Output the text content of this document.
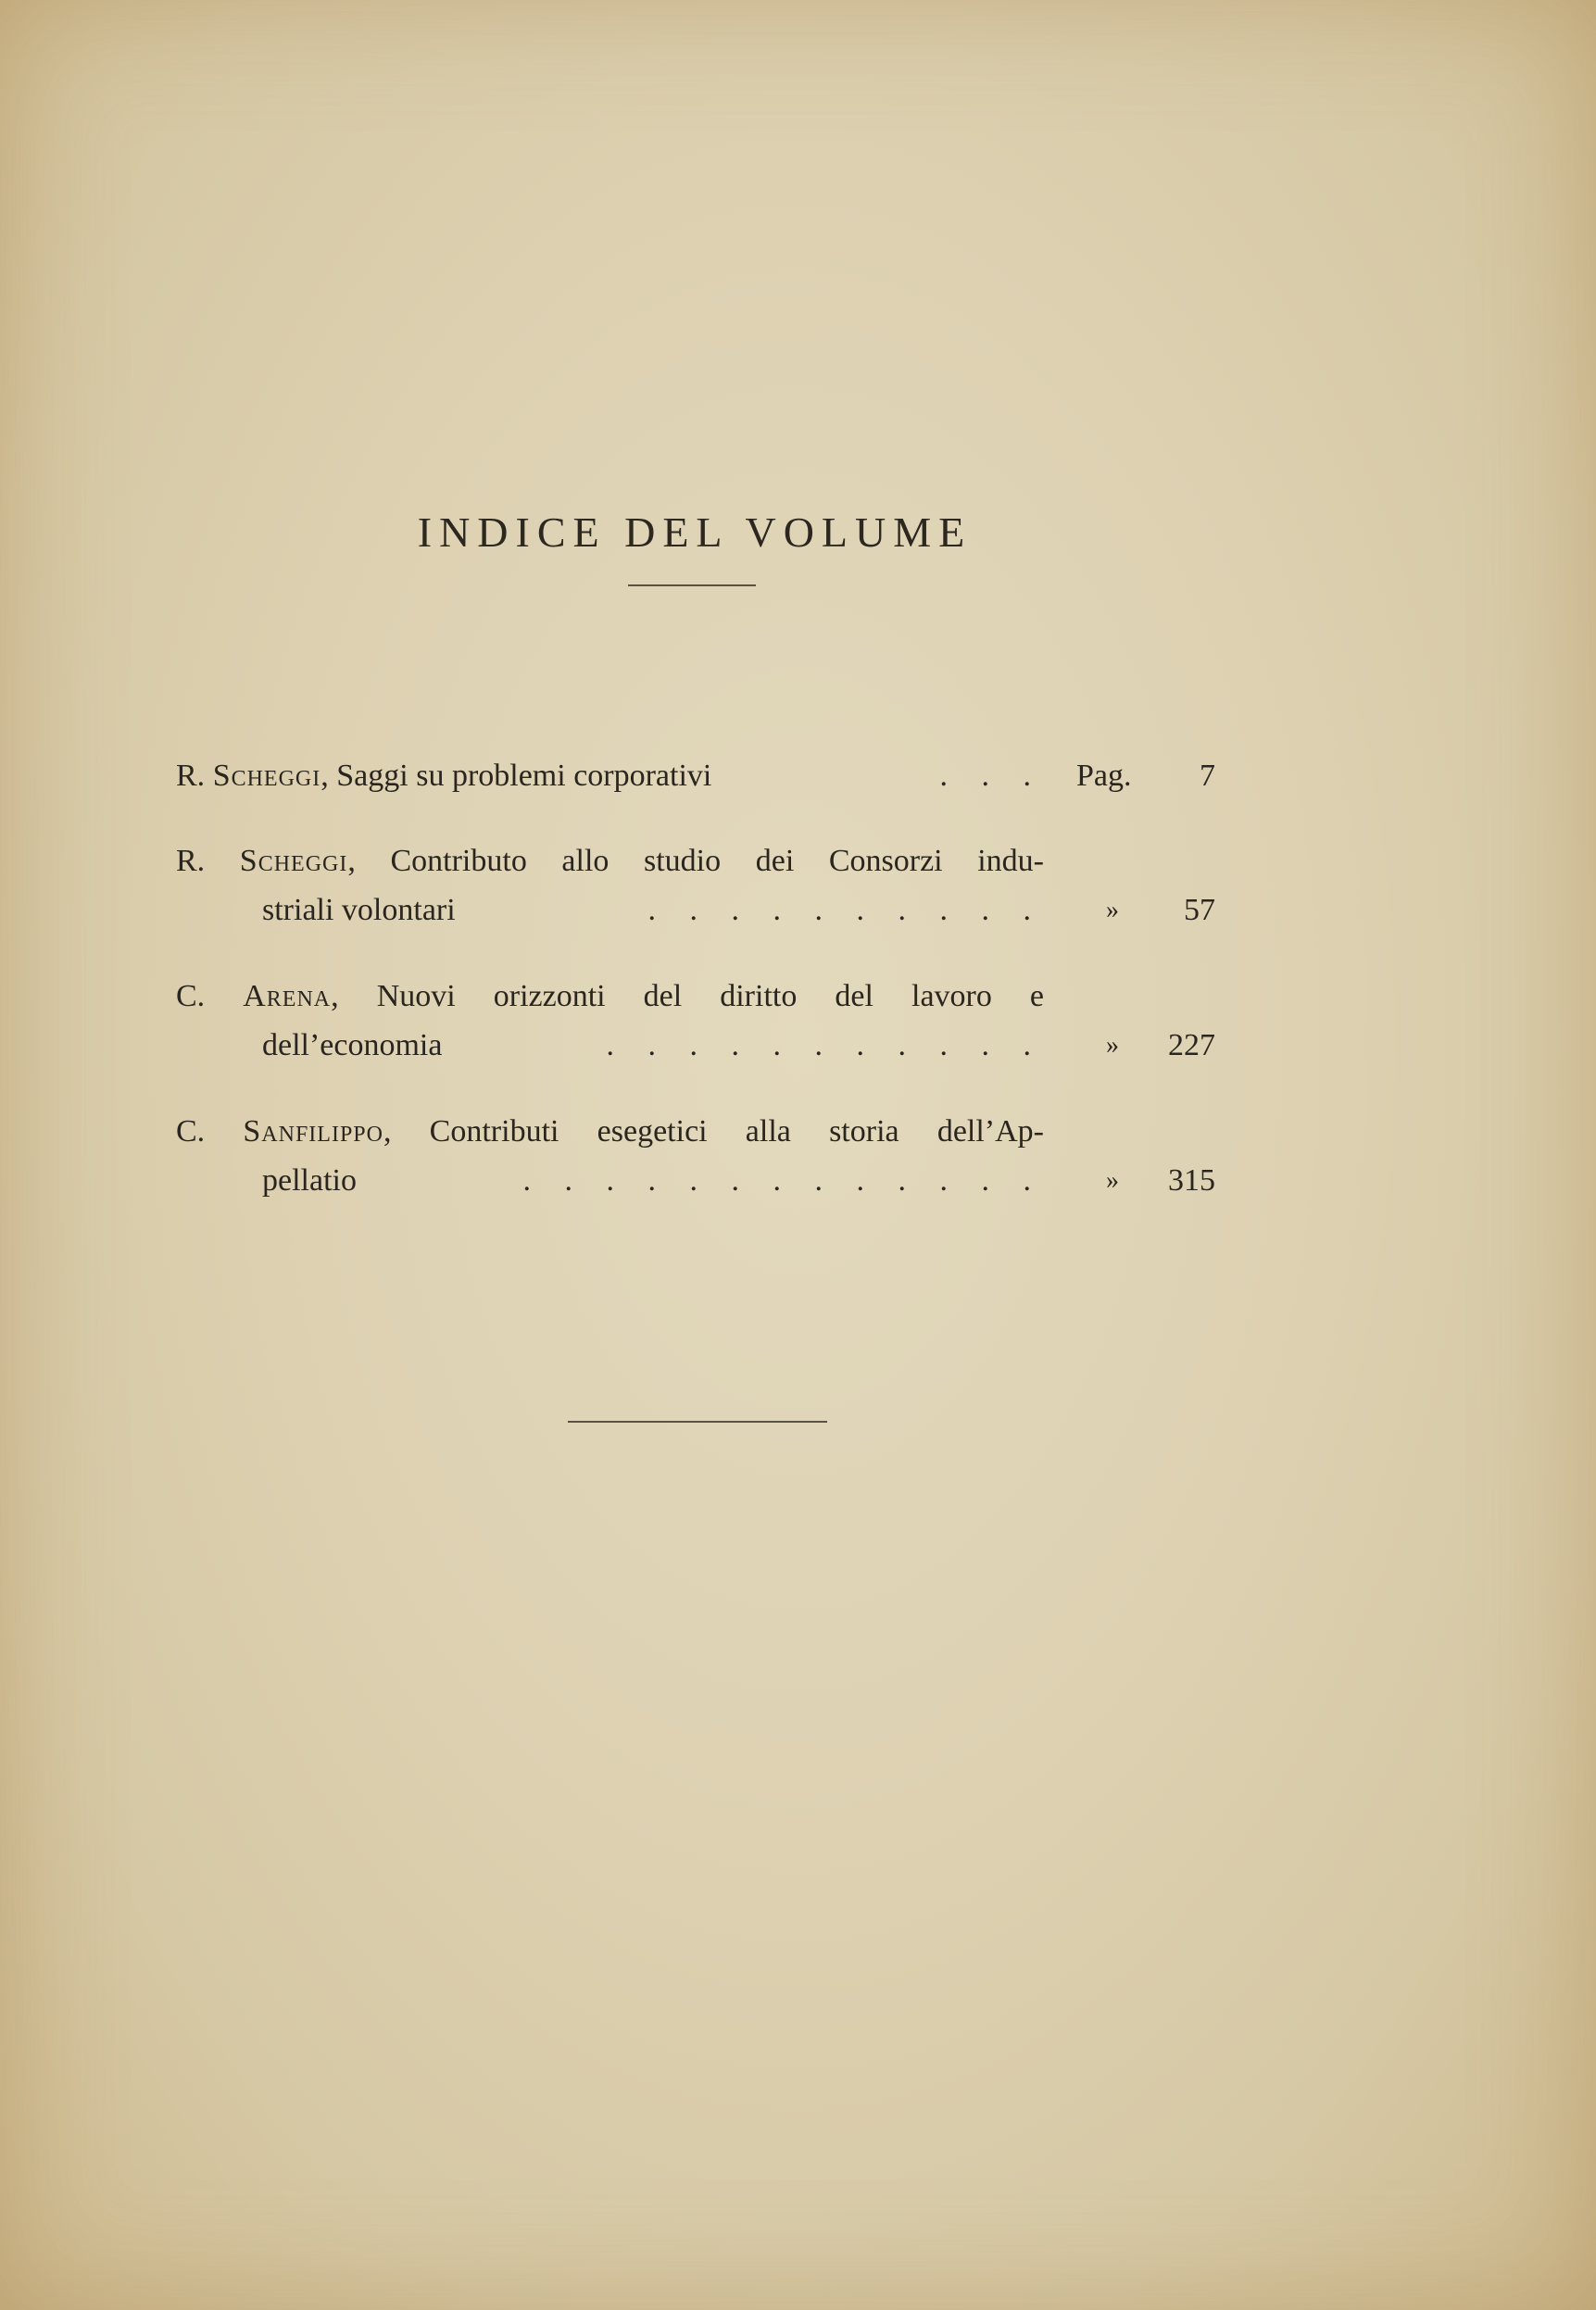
INDICE DEL VOLUME
R. Scheggi, Saggi su problemi corporativi	. . . Pag. 7
R. Scheggi, Contributo allo studio dei Consorzi indu-
striali volontari	. . . . . . . . . . » 57
C. Arena, Nuovi orizzonti del diritto del lavoro e
dell’economia	. . . . . . . . . . . » 227
C. Sanfilippo, Contributi esegetici alla storia dell’Ap-
pellatio	. . . . . . . . . . . . . » 315
